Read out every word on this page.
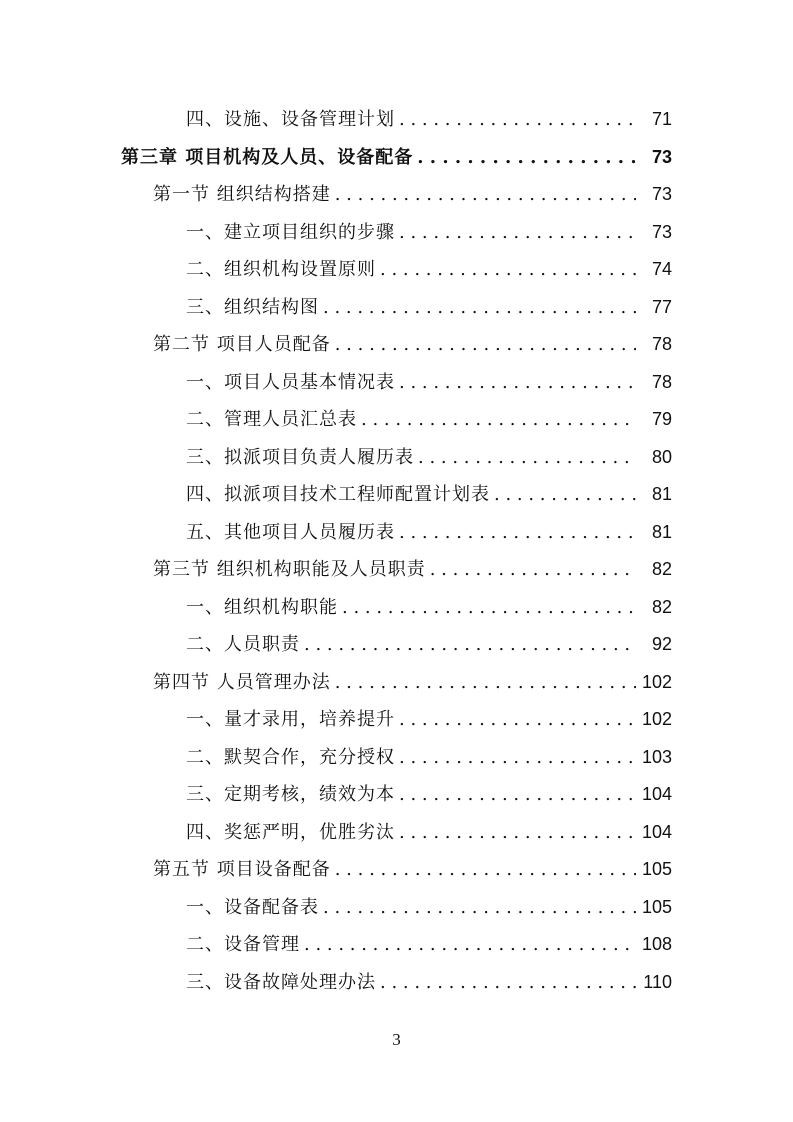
四、设施、设备管理计划 . . .	71
第三章 项目机构及人员、设备配备 . . .	73
第一节 组织结构搭建 . . .	73
一、建立项目组织的步骤 . . .	73
二、组织机构设置原则 . . .	74
三、组织结构图 . . .	77
第二节 项目人员配备 . . .	78
一、项目人员基本情况表 . . .	78
二、管理人员汇总表 . . .	79
三、拟派项目负责人履历表 . . .	80
四、拟派项目技术工程师配置计划表 . . .	81
五、其他项目人员履历表 . . .	81
第三节 组织机构职能及人员职责 . . .	82
一、组织机构职能 . . .	82
二、人员职责 . . .	92
第四节 人员管理办法 . . .	102
一、量才录用，培养提升 . . .	102
二、默契合作，充分授权 . . .	103
三、定期考核，绩效为本 . . .	104
四、奖惩严明，优胜劣汰 . . .	104
第五节 项目设备配备 . . .	105
一、设备配备表 . . .	105
二、设备管理 . . .	108
三、设备故障处理办法 . . .	110
3
